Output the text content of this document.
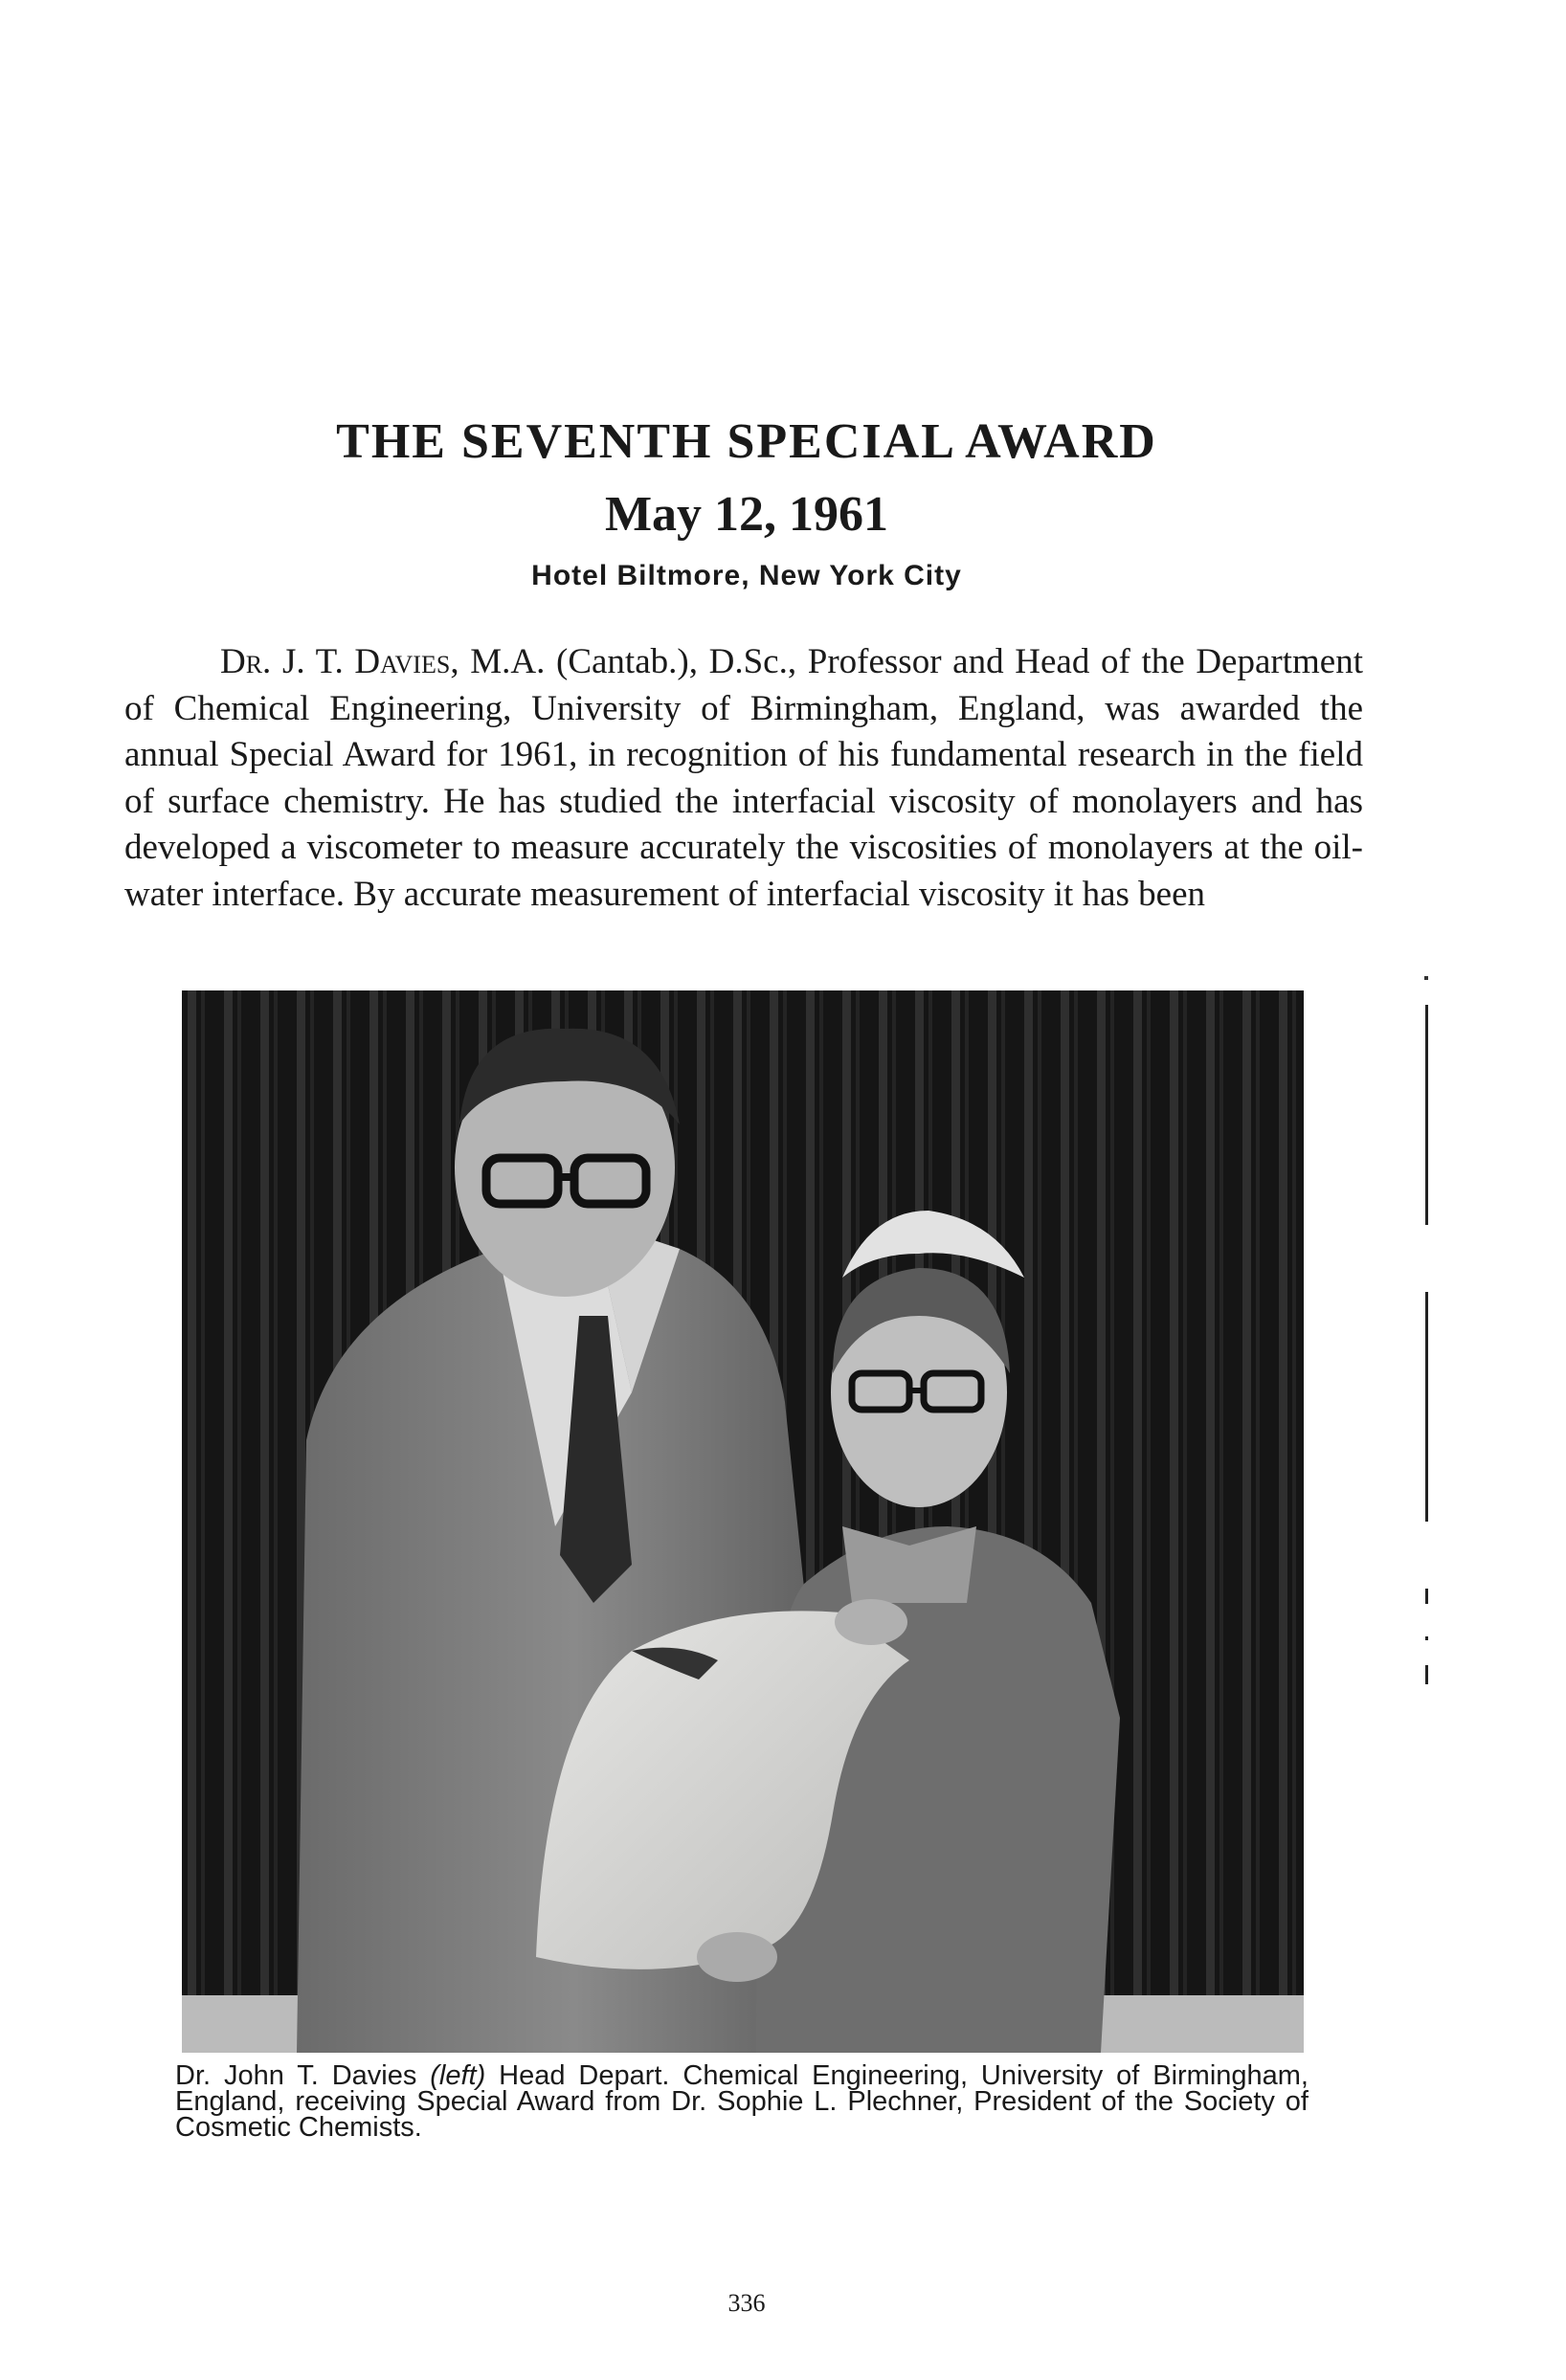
THE SEVENTH SPECIAL AWARD
May 12, 1961

Hotel Biltmore, New York City

Dr. J. T. Davies, M.A. (Cantab.), D.Sc., Professor and Head of the Department of Chemical Engineering, University of Birmingham, England, was awarded the annual Special Award for 1961, in recognition of his fundamental research in the field of surface chemistry. He has studied the interfacial viscosity of monolayers and has developed a viscometer to measure accurately the viscosities of monolayers at the oil-water interface. By accurate measurement of interfacial viscosity it has been

Dr. John T. Davies (left) Head Depart. Chemical Engineering, University of Birmingham, England, receiving Special Award from Dr. Sophie L. Plechner, President of the Society of Cosmetic Chemists.

336
